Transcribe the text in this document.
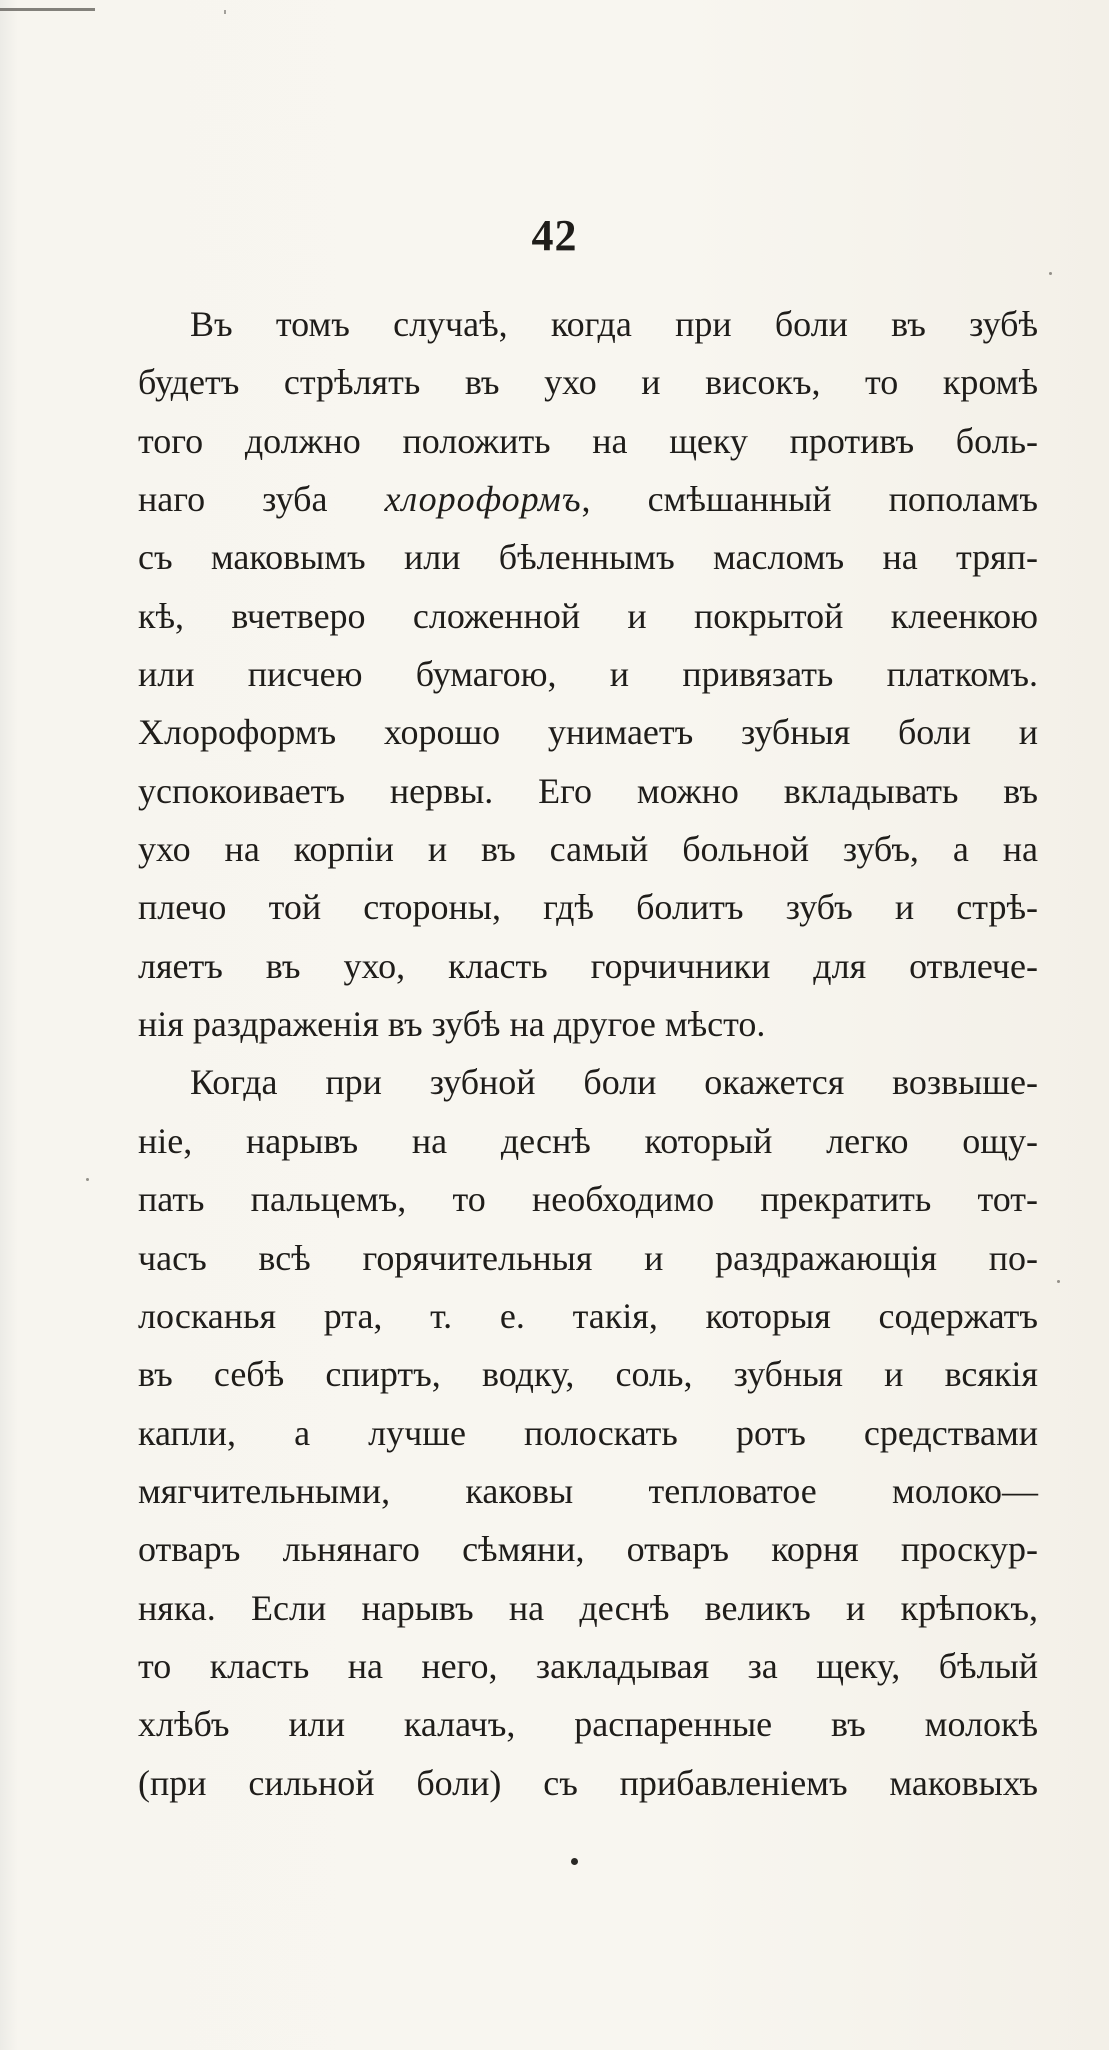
42
Въ томъ случаѣ, когда при боли въ зубѣ
будетъ стрѣлять въ ухо и високъ, то кромѣ
того должно положить на щеку противъ боль-
наго зуба хлороформъ, смѣшанный пополамъ
съ маковымъ или бѣленнымъ масломъ на тряп-
кѣ, вчетверо сложенной и покрытой клеенкою
или писчею бумагою, и привязать платкомъ.
Хлороформъ хорошо унимаетъ зубныя боли и
успокоиваетъ нервы. Его можно вкладывать въ
ухо на корпіи и въ самый больной зубъ, а на
плечо той стороны, гдѣ болитъ зубъ и стрѣ-
ляетъ въ ухо, класть горчичники для отвлече-
нія раздраженія въ зубѣ на другое мѣсто.
Когда при зубной боли окажется возвыше-
ніе, нарывъ на деснѣ который легко ощу-
пать пальцемъ, то необходимо прекратить тот-
часъ всѣ горячительныя и раздражающія по-
лосканья рта, т. е. такія, которыя содержатъ
въ себѣ спиртъ, водку, соль, зубныя и всякія
капли, а лучше полоскать ротъ средствами
мягчительными, каковы тепловатое молоко—
отваръ льнянаго сѣмяни, отваръ корня проскур-
няка. Если нарывъ на деснѣ великъ и крѣпокъ,
то класть на него, закладывая за щеку, бѣлый
хлѣбъ или калачъ, распаренные въ молокѣ
(при сильной боли) съ прибавленіемъ маковыхъ
